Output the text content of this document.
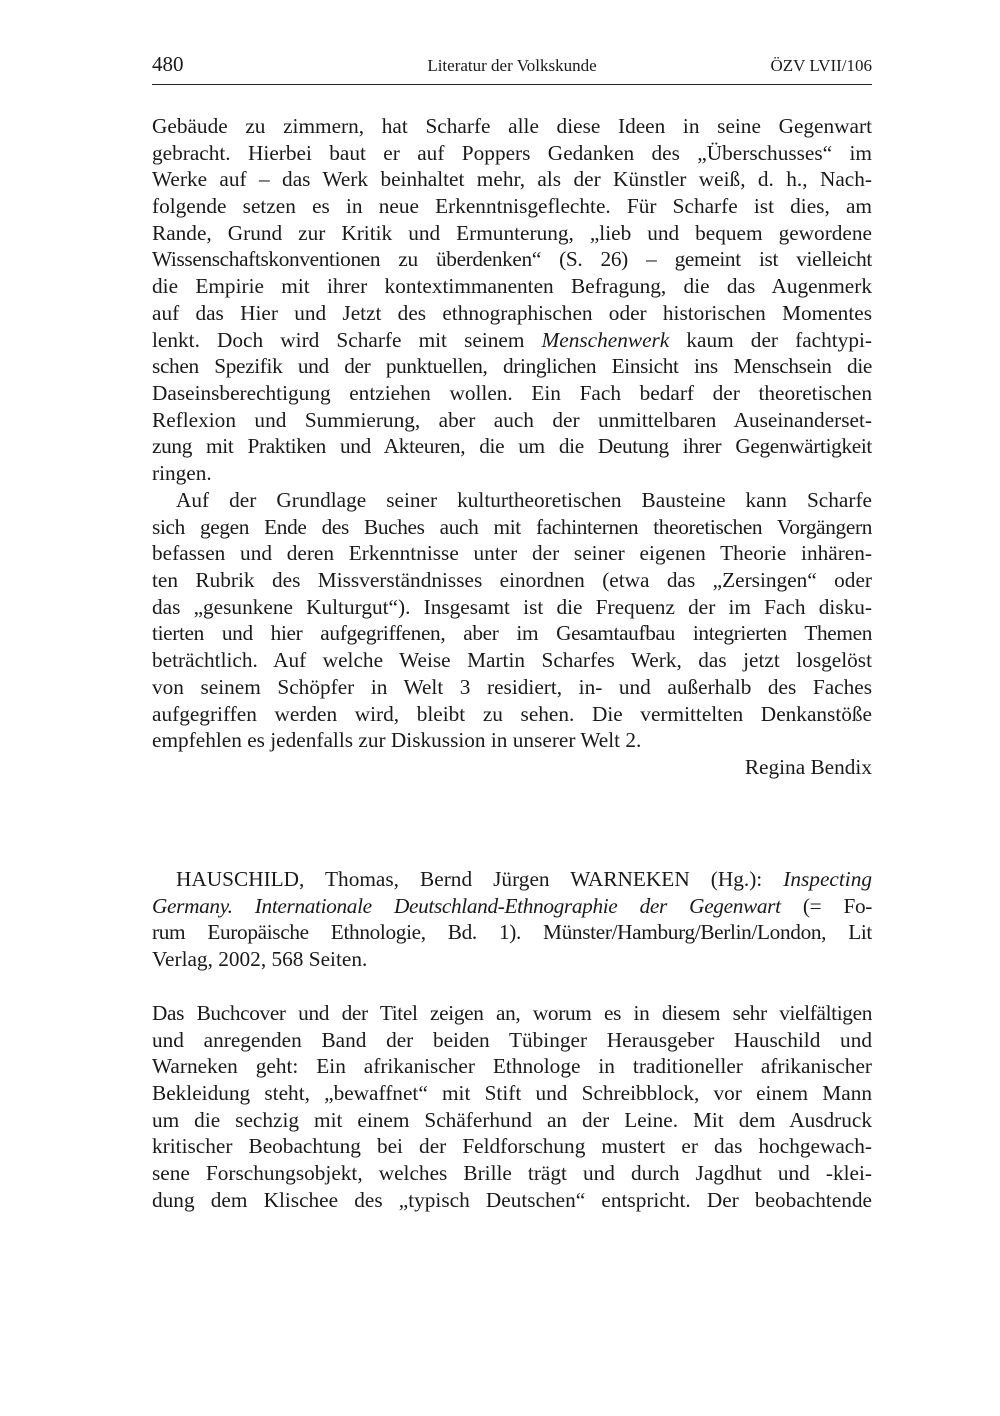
480	Literatur der Volkskunde	ÖZV LVII/106
Gebäude zu zimmern, hat Scharfe alle diese Ideen in seine Gegenwart
gebracht. Hierbei baut er auf Poppers Gedanken des „Überschusses“ im
Werke auf – das Werk beinhaltet mehr, als der Künstler weiß, d. h., Nach-
folgende setzen es in neue Erkenntnisgeflechte. Für Scharfe ist dies, am
Rande, Grund zur Kritik und Ermunterung, „lieb und bequem gewordene
Wissenschaftskonventionen zu überdenken“ (S. 26) – gemeint ist vielleicht
die Empirie mit ihrer kontextimmanenten Befragung, die das Augenmerk
auf das Hier und Jetzt des ethnographischen oder historischen Momentes
lenkt. Doch wird Scharfe mit seinem Menschenwerk kaum der fachtypi-
schen Spezifik und der punktuellen, dringlichen Einsicht ins Menschsein die
Daseinsberechtigung entziehen wollen. Ein Fach bedarf der theoretischen
Reflexion und Summierung, aber auch der unmittelbaren Auseinanderset-
zung mit Praktiken und Akteuren, die um die Deutung ihrer Gegenwärtigkeit
ringen.
Auf der Grundlage seiner kulturtheoretischen Bausteine kann Scharfe
sich gegen Ende des Buches auch mit fachinternen theoretischen Vorgängern
befassen und deren Erkenntnisse unter der seiner eigenen Theorie inhären-
ten Rubrik des Missverständnisses einordnen (etwa das „Zersingen“ oder
das „gesunkene Kulturgut“). Insgesamt ist die Frequenz der im Fach disku-
tierten und hier aufgegriffenen, aber im Gesamtaufbau integrierten Themen
beträchtlich. Auf welche Weise Martin Scharfes Werk, das jetzt losgelöst
von seinem Schöpfer in Welt 3 residiert, in- und außerhalb des Faches
aufgegriffen werden wird, bleibt zu sehen. Die vermittelten Denkanstöße
empfehlen es jedenfalls zur Diskussion in unserer Welt 2.
Regina Bendix
HAUSCHILD, Thomas, Bernd Jürgen WARNEKEN (Hg.): Inspecting
Germany. Internationale Deutschland-Ethnographie der Gegenwart (= Fo-
rum Europäische Ethnologie, Bd. 1). Münster/Hamburg/Berlin/London, Lit
Verlag, 2002, 568 Seiten.
Das Buchcover und der Titel zeigen an, worum es in diesem sehr vielfältigen
und anregenden Band der beiden Tübinger Herausgeber Hauschild und
Warneken geht: Ein afrikanischer Ethnologe in traditioneller afrikanischer
Bekleidung steht, „bewaffnet“ mit Stift und Schreibblock, vor einem Mann
um die sechzig mit einem Schäferhund an der Leine. Mit dem Ausdruck
kritischer Beobachtung bei der Feldforschung mustert er das hochgewach-
sene Forschungsobjekt, welches Brille trägt und durch Jagdhut und -klei-
dung dem Klischee des „typisch Deutschen“ entspricht. Der beobachtende
